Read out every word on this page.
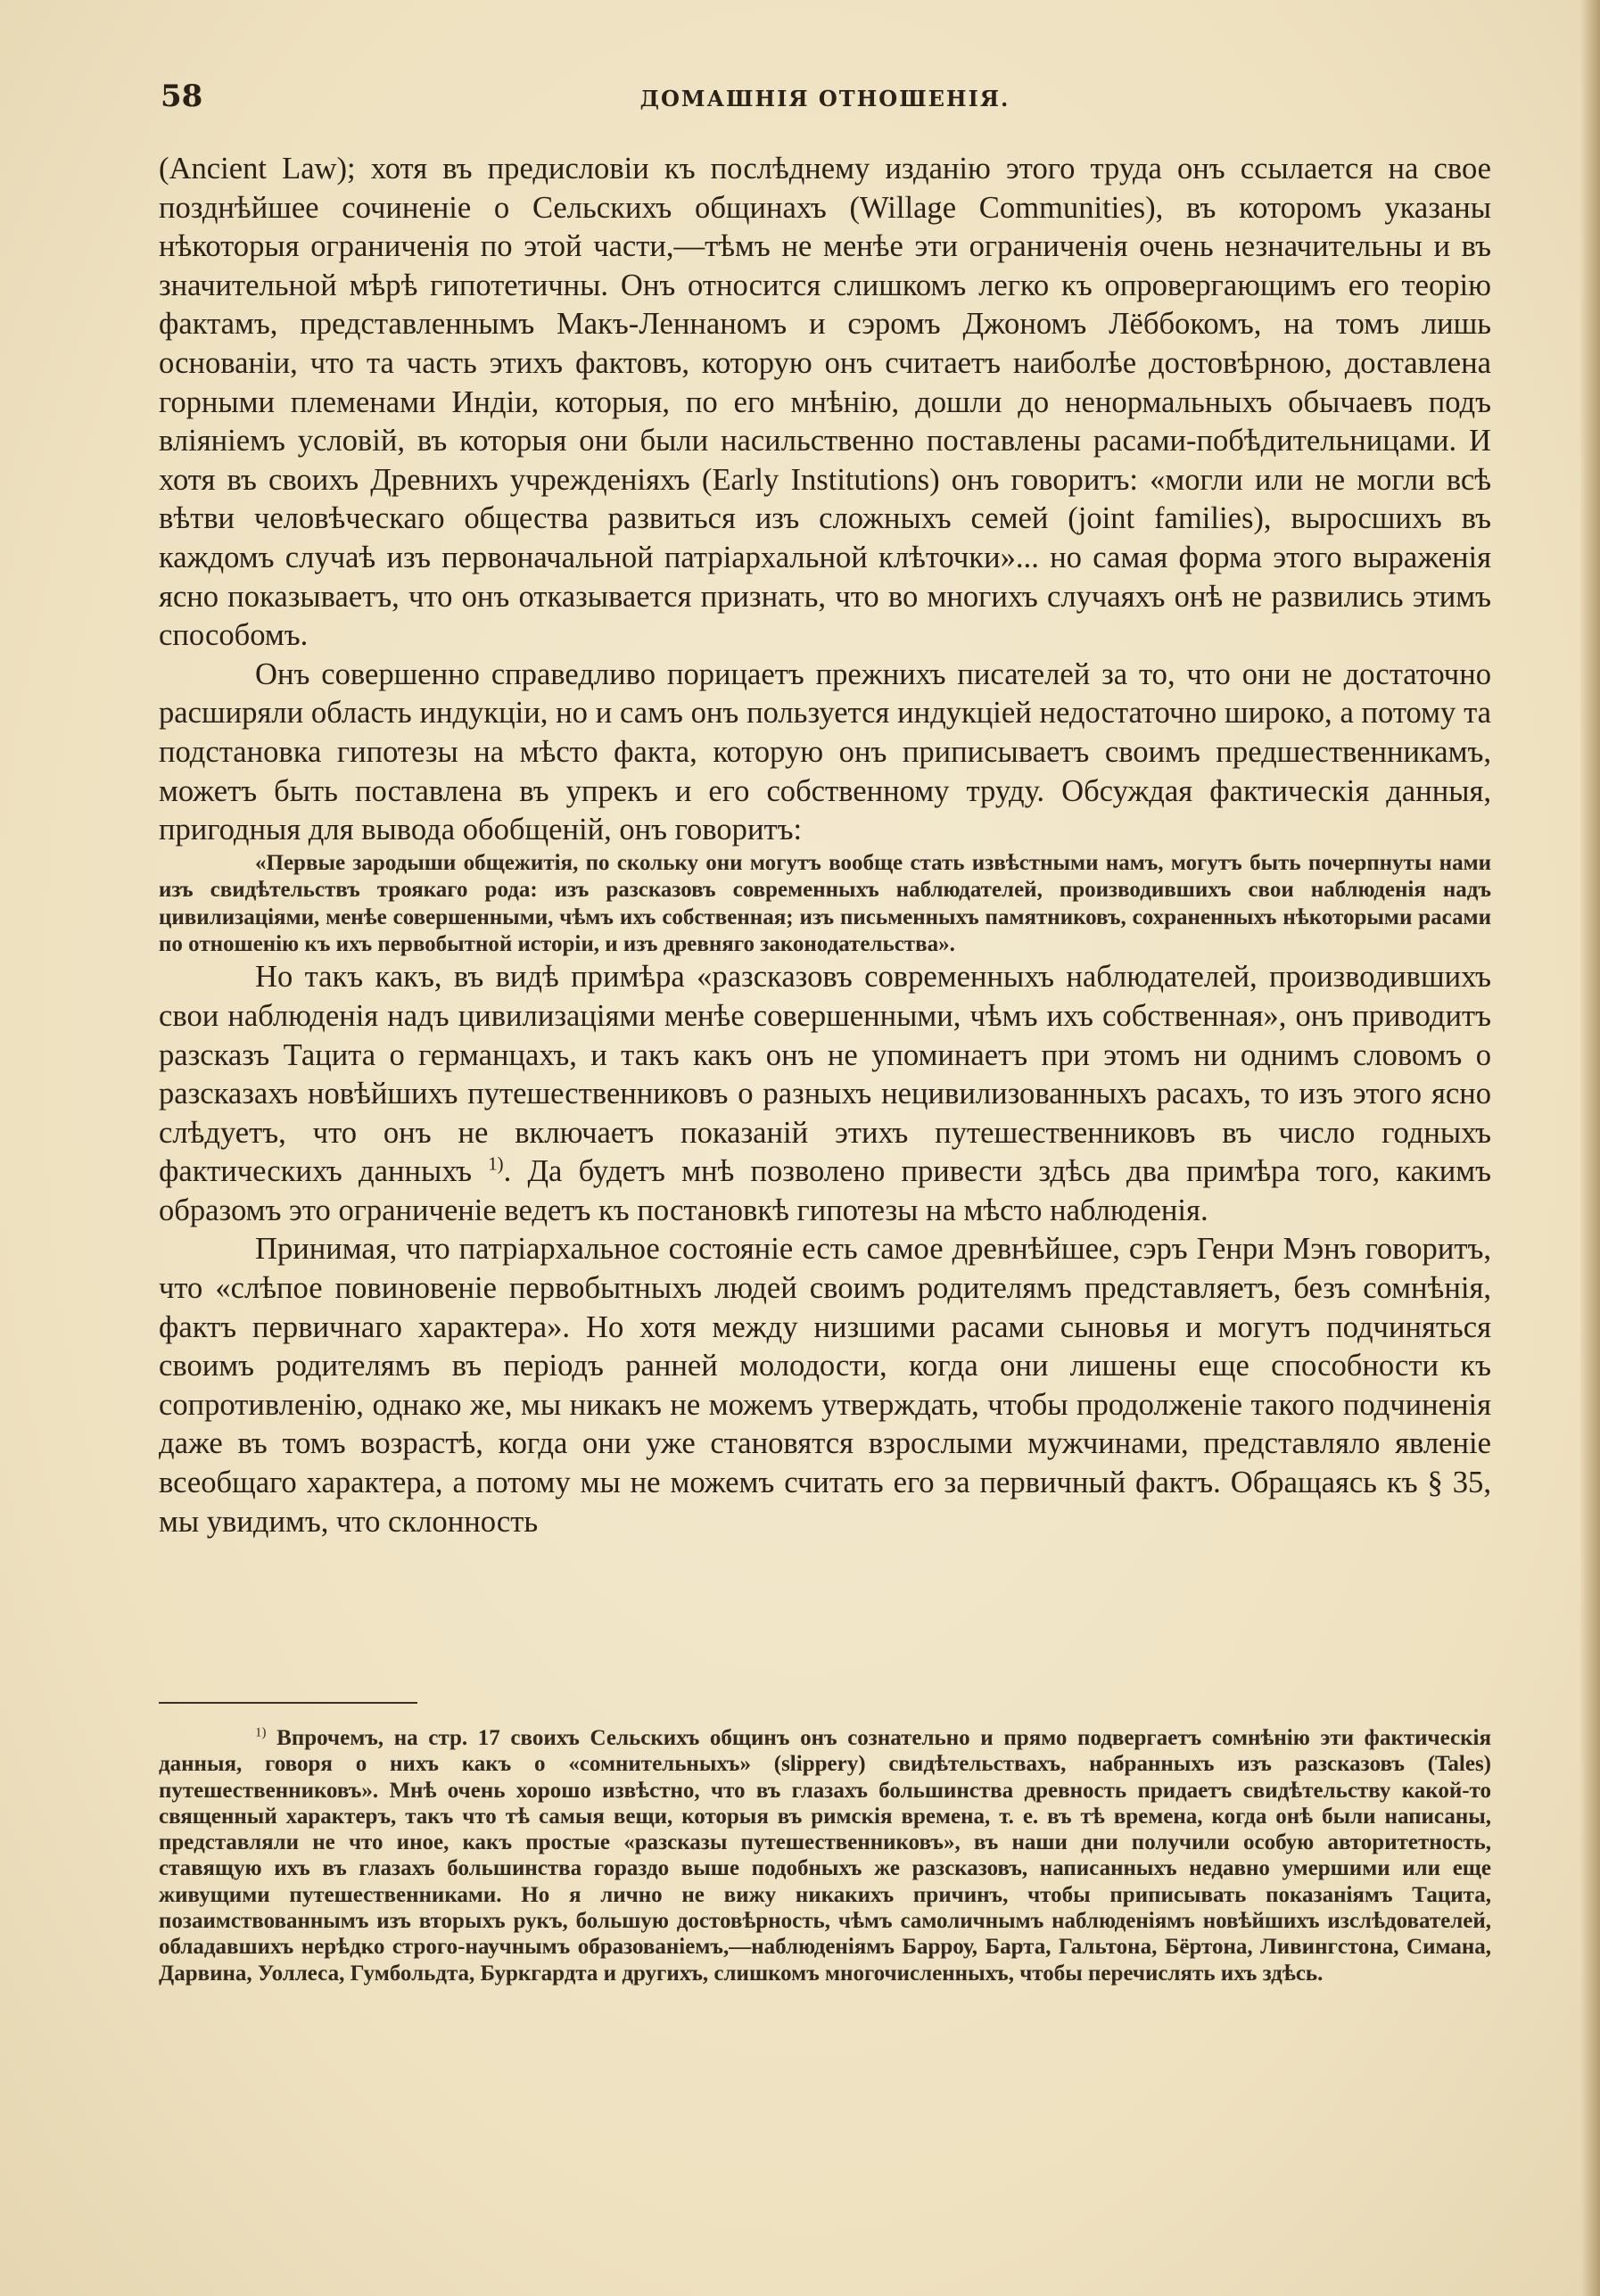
58	ДОМАШНІЯ ОТНОШЕНІЯ.

(Ancient Law); хотя въ предисловіи къ послѣднему изданію этого труда онъ ссылается на свое позднѣйшее сочиненіе о Сельскихъ общинахъ (Willage Communities), въ которомъ указаны нѣкоторыя ограниченія по этой части,—тѣмъ не менѣе эти ограниченія очень незначительны и въ значительной мѣрѣ гипотетичны. Онъ относится слишкомъ легко къ опровергающимъ его теорію фактамъ, представленнымъ Макъ-Леннаномъ и сэромъ Джономъ Лëббокомъ, на томъ лишь основаніи, что та часть этихъ фактовъ, которую онъ считаетъ наиболѣе достовѣрною, доставлена горными племенами Индіи, которыя, по его мнѣнію, дошли до ненормальныхъ обычаевъ подъ вліяніемъ условій, въ которыя они были насильственно поставлены расами-побѣдительницами. И хотя въ своихъ Древнихъ учрежденіяхъ (Early Institutions) онъ говоритъ: «могли или не могли всѣ вѣтви человѣческаго общества развиться изъ сложныхъ семей (joint families), выросшихъ въ каждомъ случаѣ изъ первоначальной патріархальной клѣточки»... но самая форма этого выраженія ясно показываетъ, что онъ отказывается признать, что во многихъ случаяхъ онѣ не развились этимъ способомъ.

Онъ совершенно справедливо порицаетъ прежнихъ писателей за то, что они не достаточно расширяли область индукціи, но и самъ онъ пользуется индукціей недостаточно широко, а потому та подстановка гипотезы на мѣсто факта, которую онъ приписываетъ своимъ предшественникамъ, можетъ быть поставлена въ упрекъ и его собственному труду. Обсуждая фактическія данныя, пригодныя для вывода обобщеній, онъ говоритъ:

«Первые зародыши общежитія, по скольку они могутъ вообще стать извѣстными намъ, могутъ быть почерпнуты нами изъ свидѣтельствъ троякаго рода: изъ разсказовъ современныхъ наблюдателей, производившихъ свои наблюденія надъ цивилизаціями, менѣе совершенными, чѣмъ ихъ собственная; изъ письменныхъ памятниковъ, сохраненныхъ нѣкоторыми расами по отношенію къ ихъ первобытной исторіи, и изъ древняго законодательства».

Но такъ какъ, въ видѣ примѣра «разсказовъ современныхъ наблюдателей, производившихъ свои наблюденія надъ цивилизаціями менѣе совершенными, чѣмъ ихъ собственная», онъ приводитъ разсказъ Тацита о германцахъ, и такъ какъ онъ не упоминаетъ при этомъ ни однимъ словомъ о разсказахъ новѣйшихъ путешественниковъ о разныхъ нецивилизованныхъ расахъ, то изъ этого ясно слѣдуетъ, что онъ не включаетъ показаній этихъ путешественниковъ въ число годныхъ фактическихъ данныхъ $^{1)}$. Да будетъ мнѣ позволено привести здѣсь два примѣра того, какимъ образомъ это ограниченіе ведетъ къ постановкѣ гипотезы на мѣсто наблюденія.

Принимая, что патріархальное состояніе есть самое древнѣйшее, сэръ Генри Мэнъ говоритъ, что «слѣпое повиновеніе первобытныхъ людей своимъ родителямъ представляетъ, безъ сомнѣнія, фактъ первичнаго характера». Но хотя между низшими расами сыновья и могутъ подчиняться своимъ родителямъ въ періодъ ранней молодости, когда они лишены еще способности къ сопротивленію, однако же, мы никакъ не можемъ утверждать, чтобы продолженіе такого подчиненія даже въ томъ возрастѣ, когда они уже становятся взрослыми мужчинами, представляло явленіе всеобщаго характера, а потому мы не можемъ считать его за первичный фактъ. Обращаясь къ § 35, мы увидимъ, что склонность

$^{1)}$ Впрочемъ, на стр. 17 своихъ Сельскихъ общинъ онъ сознательно и прямо подвергаетъ сомнѣнію эти фактическія данныя, говоря о нихъ какъ о «сомнительныхъ» (slippery) свидѣтельствахъ, набранныхъ изъ разсказовъ (Tales) путешественниковъ». Мнѣ очень хорошо извѣстно, что въ глазахъ большинства древность придаетъ свидѣтельству какой-то священный характеръ, такъ что тѣ самыя вещи, которыя въ римскія времена, т. е. въ тѣ времена, когда онѣ были написаны, представляли не что иное, какъ простые «разсказы путешественниковъ», въ наши дни получили особую авторитетность, ставящую ихъ въ глазахъ большинства гораздо выше подобныхъ же разсказовъ, написанныхъ недавно умершими или еще живущими путешественниками. Но я лично не вижу никакихъ причинъ, чтобы приписывать показаніямъ Тацита, позаимствованнымъ изъ вторыхъ рукъ, большую достовѣрность, чѣмъ самоличнымъ наблюденіямъ новѣйшихъ изслѣдователей, обладавшихъ нерѣдко строго-научнымъ образованіемъ,—наблюденіямъ Барроу, Барта, Гальтона, Бёртона, Ливингстона, Симана, Дарвина, Уоллеса, Гумбольдта, Буркгардта и другихъ, слишкомъ многочисленныхъ, чтобы перечислять ихъ здѣсь.
